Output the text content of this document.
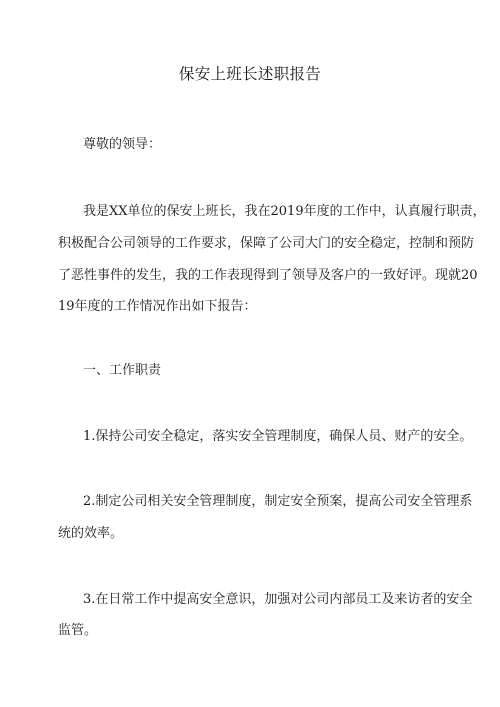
保安上班长述职报告
尊敬的领导：
我是XX单位的保安上班长，我在2019年度的工作中，认真履行职责，
积极配合公司领导的工作要求，保障了公司大门的安全稳定，控制和预防
了恶性事件的发生，我的工作表现得到了领导及客户的一致好评。现就20
19年度的工作情况作出如下报告：
一、工作职责
1.保持公司安全稳定，落实安全管理制度，确保人员、财产的安全。
2.制定公司相关安全管理制度，制定安全预案，提高公司安全管理系
统的效率。
3.在日常工作中提高安全意识，加强对公司内部员工及来访者的安全
监管。
